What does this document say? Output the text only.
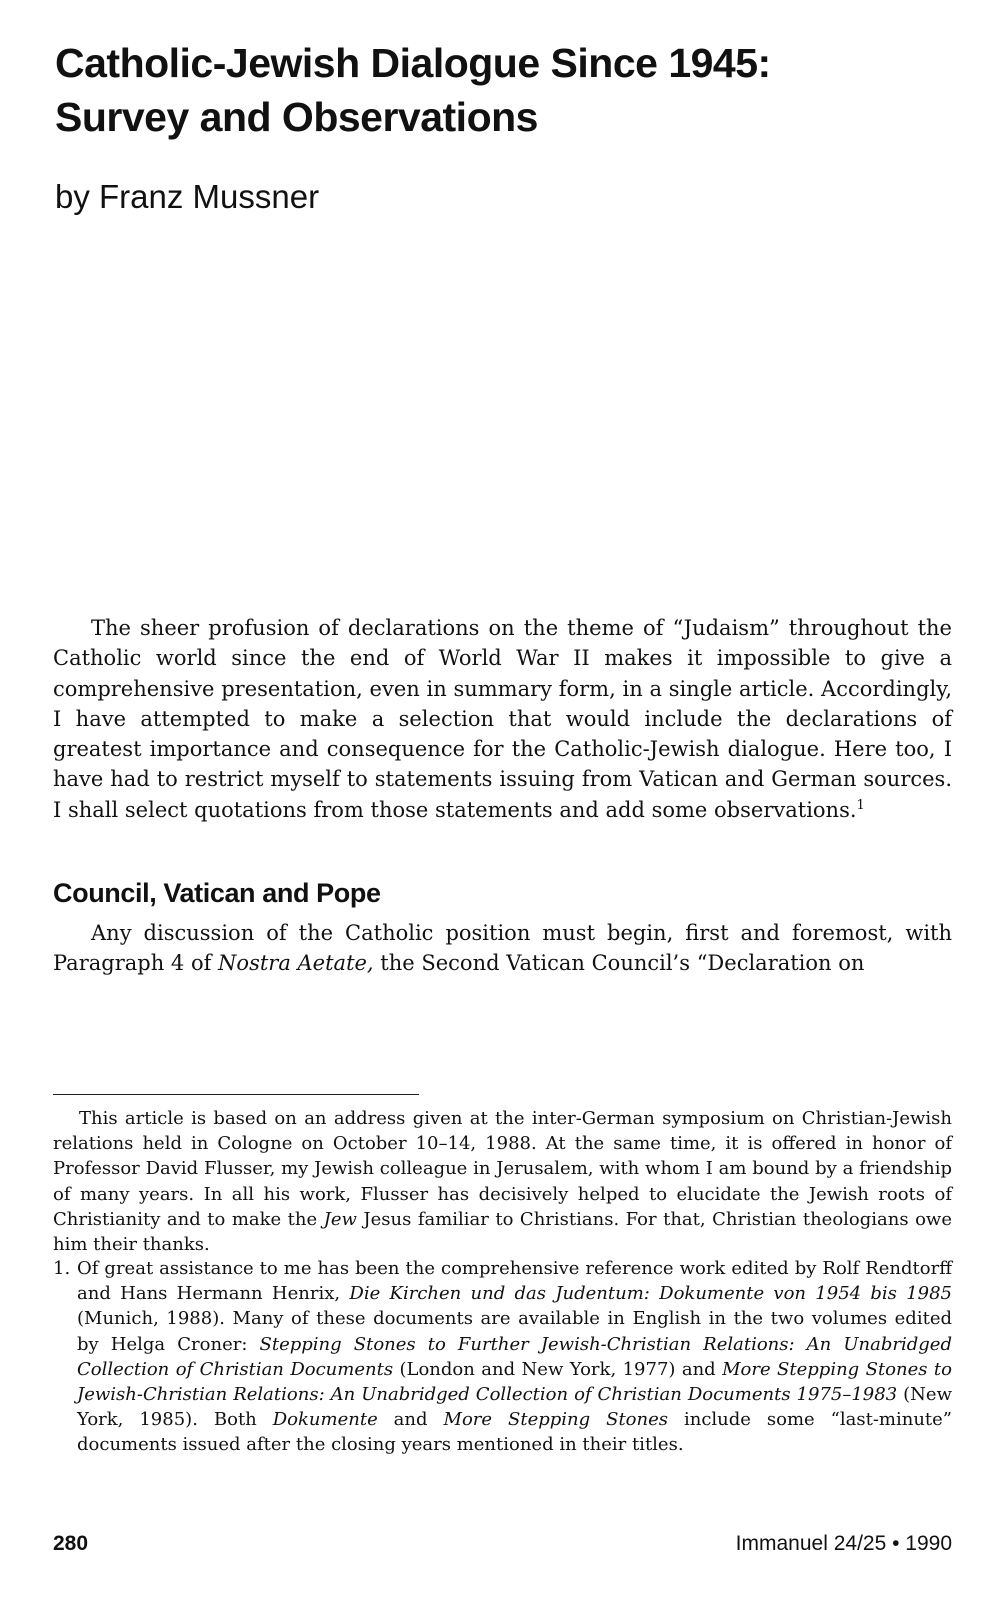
Catholic-Jewish Dialogue Since 1945:
Survey and Observations

by Franz Mussner

The sheer profusion of declarations on the theme of “Judaism” throughout the Catholic world since the end of World War II makes it impossible to give a comprehensive presentation, even in summary form, in a single article. Accordingly, I have attempted to make a selection that would include the declarations of greatest importance and consequence for the Catholic-Jewish dialogue. Here too, I have had to restrict myself to statements issuing from Vatican and German sources. I shall select quotations from those statements and add some observations.$^1$

Council, Vatican and Pope

Any discussion of the Catholic position must begin, first and foremost, with Paragraph 4 of Nostra Aetate, the Second Vatican Council’s “Declaration on

This article is based on an address given at the inter-German symposium on Christian-Jewish relations held in Cologne on October 10–14, 1988. At the same time, it is offered in honor of Professor David Flusser, my Jewish colleague in Jerusalem, with whom I am bound by a friendship of many years. In all his work, Flusser has decisively helped to elucidate the Jewish roots of Christianity and to make the Jew Jesus familiar to Christians. For that, Christian theologians owe him their thanks.

1. Of great assistance to me has been the comprehensive reference work edited by Rolf Rendtorff and Hans Hermann Henrix, Die Kirchen und das Judentum: Dokumente von 1954 bis 1985 (Munich, 1988). Many of these documents are available in English in the two volumes edited by Helga Croner: Stepping Stones to Further Jewish-Christian Relations: An Unabridged Collection of Christian Documents (London and New York, 1977) and More Stepping Stones to Jewish-Christian Relations: An Unabridged Collection of Christian Documents 1975–1983 (New York, 1985). Both Dokumente and More Stepping Stones include some “last-minute” documents issued after the closing years mentioned in their titles.

280	Immanuel 24/25 • 1990
